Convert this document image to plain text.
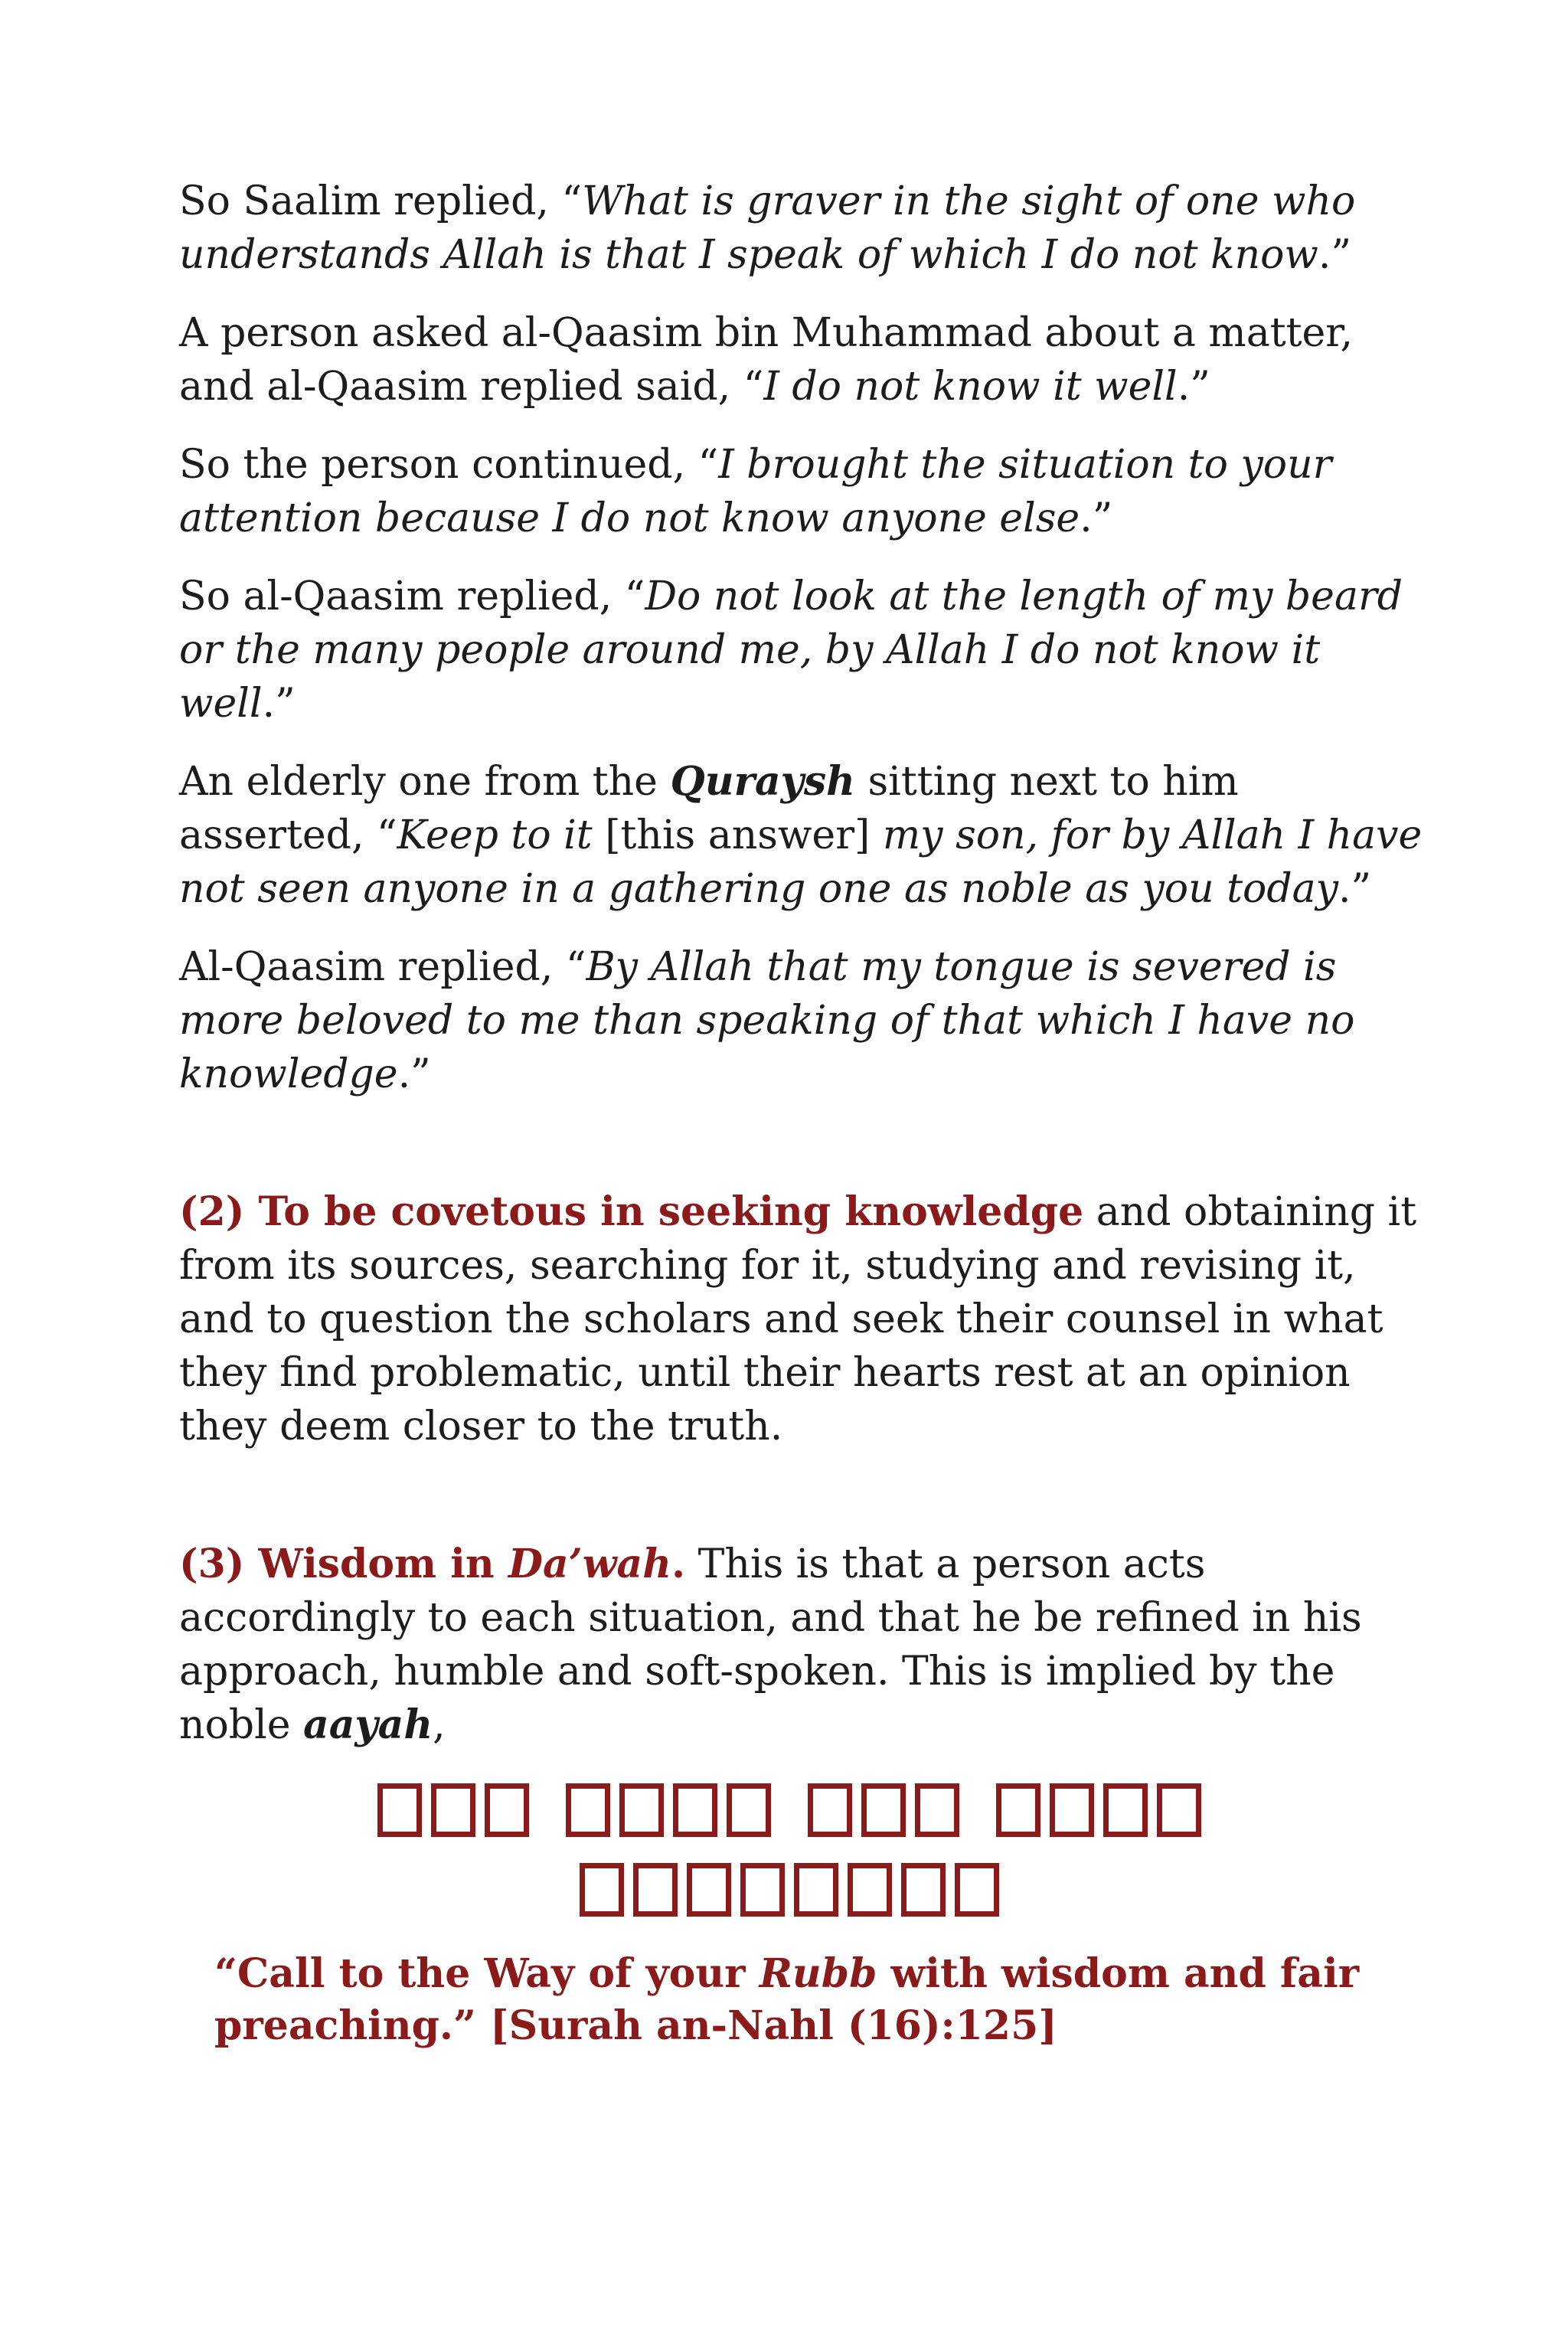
So Saalim replied, “What is graver in the sight of one who understands Allah is that I speak of which I do not know.”

A person asked al-Qaasim bin Muhammad about a matter, and al-Qaasim replied said, “I do not know it well.”

So the person continued, “I brought the situation to your attention because I do not know anyone else.”

So al-Qaasim replied, “Do not look at the length of my beard or the many people around me, by Allah I do not know it well.”

An elderly one from the Quraysh sitting next to him asserted, “Keep to it [this answer] my son, for by Allah I have not seen anyone in a gathering one as noble as you today.”

Al-Qaasim replied, “By Allah that my tongue is severed is more beloved to me than speaking of that which I have no knowledge.”

(2) To be covetous in seeking knowledge and obtaining it from its sources, searching for it, studying and revising it, and to question the scholars and seek their counsel in what they find problematic, until their hearts rest at an opinion they deem closer to the truth.

(3) Wisdom in Da’wah. This is that a person acts accordingly to each situation, and that he be refined in his approach, humble and soft-spoken. This is implied by the noble aayah,

“Call to the Way of your Rubb with wisdom and fair preaching.” [Surah an-Nahl (16):125]
